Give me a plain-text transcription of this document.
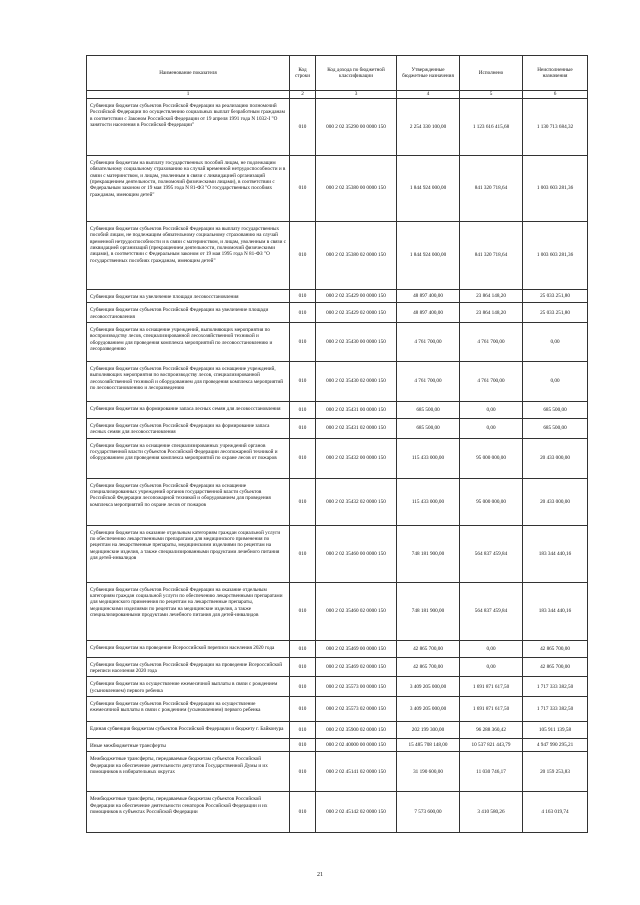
Наименование показателя	Код строки	Код дохода по бюджетной классификации	Утвержденные бюджетные назначения	Исполнено	Неисполненные назначения
1	2	3	4	5	6
Субвенции бюджетам субъектов Российской Федерации на реализацию полномочий Российской Федерации по осуществлению социальных выплат безработным гражданам в соответствии с Законом Российской Федерации от 19 апреля 1991 года N 1032-I "О занятости населения в Российской Федерации"	010	000 2 02 35290 00 0000 150	2 254 330 100,00	1 123 616 415,68	1 130 713 684,32
Субвенции бюджетам на выплату государственных пособий лицам, не подлежащим обязательному социальному страхованию на случай временной нетрудоспособности и в связи с материнством, и лицам, уволенным в связи с ликвидацией организаций (прекращением деятельности, полномочий физическими лицами), в соответствии с Федеральным законом от 19 мая 1995 года N 81-ФЗ "О государственных пособиях гражданам, имеющим детей"	010	000 2 02 35380 00 0000 150	1 844 924 000,00	841 320 718,64	1 003 603 281,36
Субвенции бюджетам субъектов Российской Федерации на выплату государственных пособий лицам, не подлежащим обязательному социальному страхованию на случай временной нетрудоспособности и в связи с материнством, и лицам, уволенным в связи с ликвидацией организаций (прекращением деятельности, полномочий физическими лицами), в соответствии с Федеральным законом от 19 мая 1995 года N 81-ФЗ "О государственных пособиях гражданам, имеющим детей"	010	000 2 02 35380 02 0000 150	1 844 924 000,00	841 320 718,64	1 003 603 281,36
Субвенции бюджетам на увеличение площади лесовосстановления	010	000 2 02 35429 00 0000 150	48 897 400,00	23 864 148,20	25 033 251,80
Субвенции бюджетам субъектов Российской Федерации на увеличение площади лесовосстановления	010	000 2 02 35429 02 0000 150	48 897 400,00	23 864 148,20	25 033 251,80
Субвенции бюджетам на оснащение учреждений, выполняющих мероприятия по воспроизводству лесов, специализированной лесохозяйственной техникой и оборудованием для проведения комплекса мероприятий по лесовосстановлению и лесоразведению	010	000 2 02 35430 00 0000 150	4 761 700,00	4 761 700,00	0,00
Субвенции бюджетам субъектов Российской Федерации на оснащение учреждений, выполняющих мероприятия по воспроизводству лесов, специализированной лесохозяйственной техникой и оборудованием для проведения комплекса мероприятий по лесовосстановлению и лесоразведению	010	000 2 02 35430 02 0000 150	4 761 700,00	4 761 700,00	0,00
Субвенции бюджетам на формирование запаса лесных семян для лесовосстановления	010	000 2 02 35431 00 0000 150	685 500,00	0,00	685 500,00
Субвенции бюджетам субъектов Российской Федерации на формирование запаса лесных семян для лесовосстановления	010	000 2 02 35431 02 0000 150	685 500,00	0,00	685 500,00
Субвенции бюджетам на оснащение специализированных учреждений органов государственной власти субъектов Российской Федерации лесопожарной техникой и оборудованием для проведения комплекса мероприятий по охране лесов от пожаров	010	000 2 02 35432 00 0000 150	115 433 000,00	95 000 000,00	20 433 000,00
Субвенции бюджетам субъектов Российской Федерации на оснащение специализированных учреждений органов государственной власти субъектов Российской Федерации лесопожарной техникой и оборудованием для проведения комплекса мероприятий по охране лесов от пожаров	010	000 2 02 35432 02 0000 150	115 433 000,00	95 000 000,00	20 433 000,00
Субвенции бюджетам на оказание отдельным категориям граждан социальной услуги по обеспечению лекарственными препаратами для медицинского применения по рецептам на лекарственные препараты, медицинскими изделиями по рецептам на медицинские изделия, а также специализированными продуктами лечебного питания для детей-инвалидов	010	000 2 02 35460 00 0000 150	748 181 900,00	564 837 459,84	183 344 440,16
Субвенции бюджетам субъектов Российской Федерации на оказание отдельным категориям граждан социальной услуги по обеспечению лекарственными препаратами для медицинского применения по рецептам на лекарственные препараты, медицинскими изделиями по рецептам на медицинские изделия, а также специализированными продуктами лечебного питания для детей-инвалидов	010	000 2 02 35460 02 0000 150	748 181 900,00	564 837 459,84	183 344 440,16
Субвенции бюджетам на проведение Всероссийской переписи населения 2020 года	010	000 2 02 35469 00 0000 150	42 865 700,00	0,00	42 865 700,00
Субвенции бюджетам субъектов Российской Федерации на проведение Всероссийской переписи населения 2020 года	010	000 2 02 35469 02 0000 150	42 865 700,00	0,00	42 865 700,00
Субвенции бюджетам на осуществление ежемесячной выплаты в связи с рождением (усыновлением) первого ребенка	010	000 2 02 35573 00 0000 150	3 409 205 000,00	1 691 871 617,50	1 717 333 382,50
Субвенции бюджетам субъектов Российской Федерации на осуществление ежемесячной выплаты в связи с рождением (усыновлением) первого ребенка	010	000 2 02 35573 02 0000 150	3 409 205 000,00	1 691 871 617,50	1 717 333 382,50
Единая субвенция бюджетам субъектов Российской Федерации и бюджету г. Байконура	010	000 2 02 35900 02 0000 150	202 199 300,00	96 288 360,42	105 911 139,58
Иные межбюджетные трансферты	010	000 2 02 40000 00 0000 150	15 485 708 148,00	10 537 821 443,79	4 947 990 295,21
Межбюджетные трансферты, передаваемые бюджетам субъектов Российской Федерации на обеспечение деятельности депутатов Государственной Думы и их помощников в избирательных округах	010	000 2 02 45141 02 0000 150	31 190 600,00	11 030 746,17	20 159 253,83
Межбюджетные трансферты, передаваемые бюджетам субъектов Российской Федерации на обеспечение деятельности сенаторов Российской Федерации и их помощников в субъектах Российской Федерации	010	000 2 02 45142 02 0000 150	7 573 600,00	3 410 580,26	4 163 019,74
21
